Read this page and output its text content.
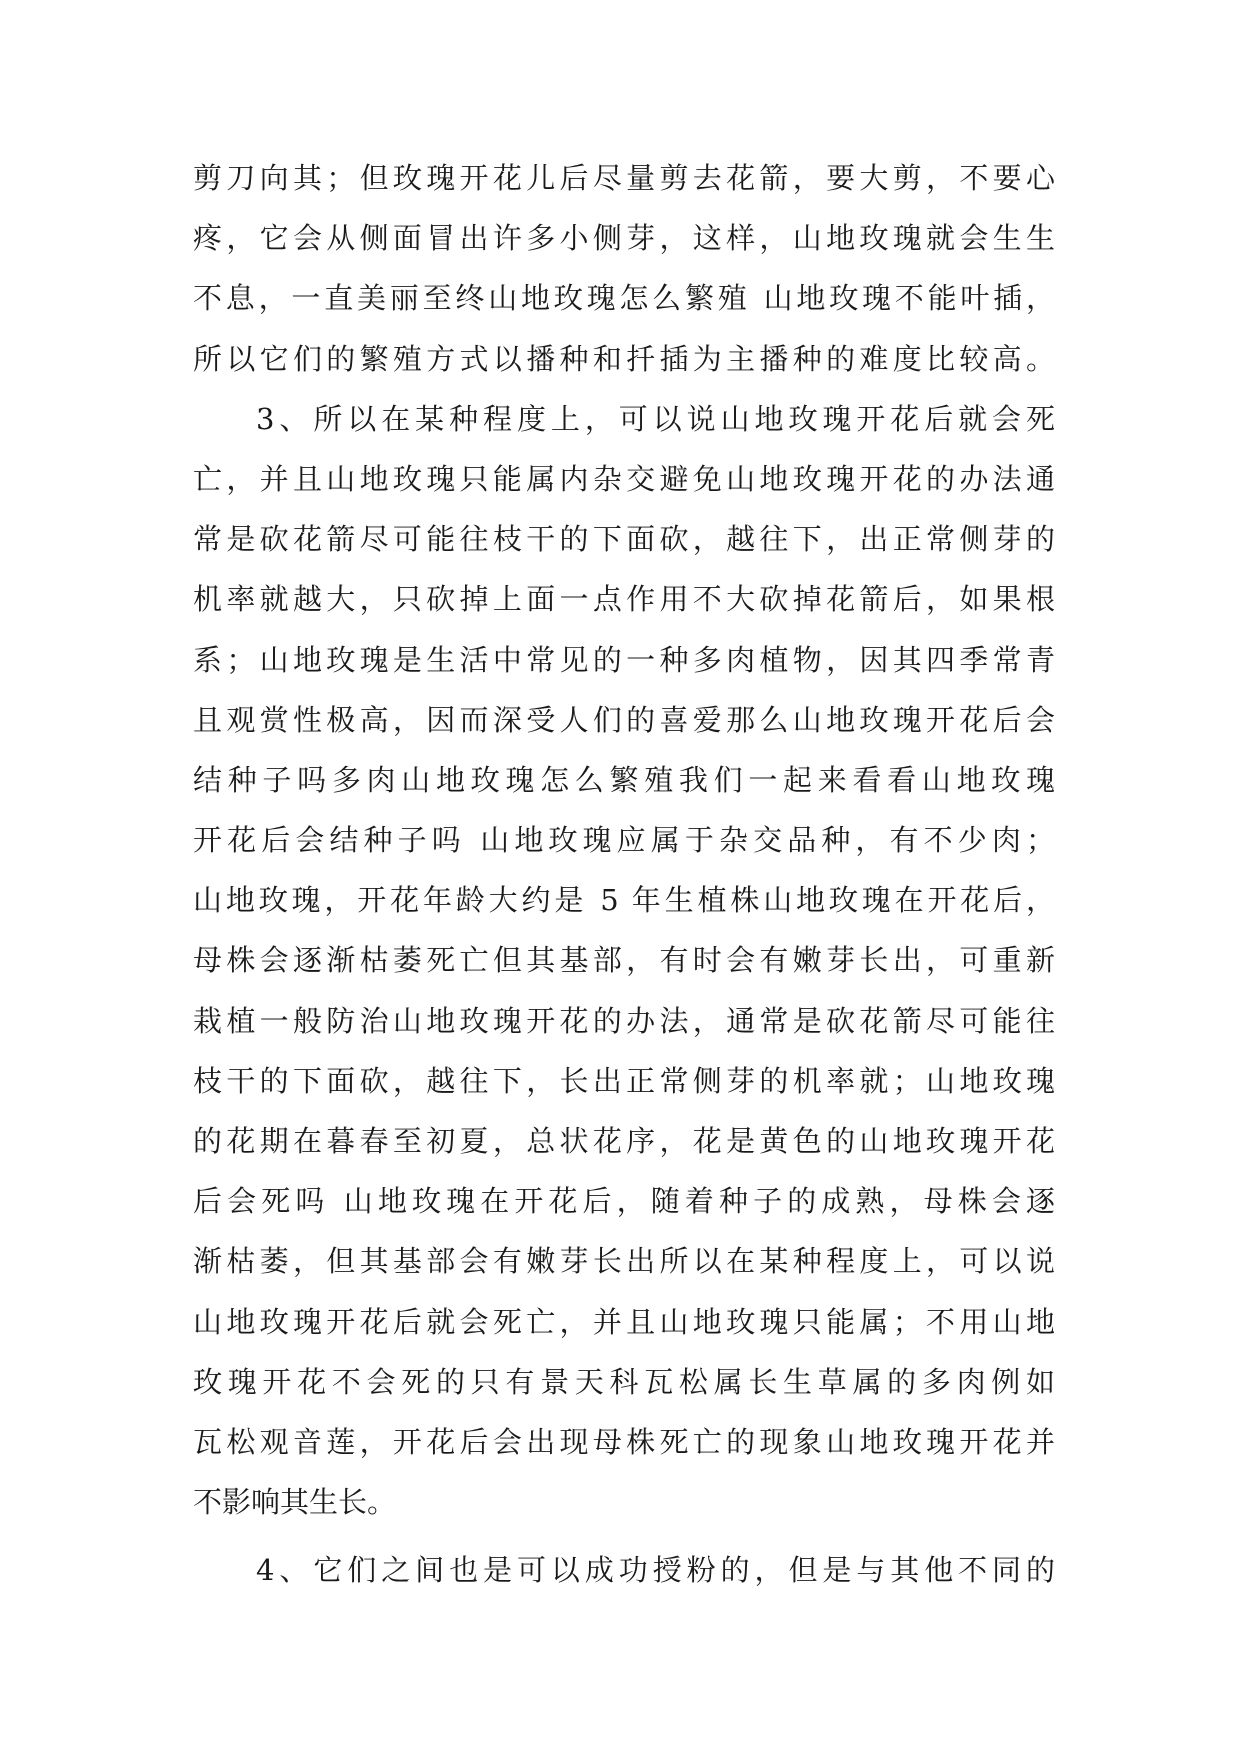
剪刀向其；但玫瑰开花儿后尽量剪去花箭，要大剪，不要心
疼，它会从侧面冒出许多小侧芽，这样，山地玫瑰就会生生
不息，一直美丽至终山地玫瑰怎么繁殖 山地玫瑰不能叶插，
所以它们的繁殖方式以播种和扦插为主播种的难度比较高。
3、所以在某种程度上，可以说山地玫瑰开花后就会死
亡，并且山地玫瑰只能属内杂交避免山地玫瑰开花的办法通
常是砍花箭尽可能往枝干的下面砍，越往下，出正常侧芽的
机率就越大，只砍掉上面一点作用不大砍掉花箭后，如果根
系；山地玫瑰是生活中常见的一种多肉植物，因其四季常青
且观赏性极高，因而深受人们的喜爱那么山地玫瑰开花后会
结种子吗多肉山地玫瑰怎么繁殖我们一起来看看山地玫瑰
开花后会结种子吗 山地玫瑰应属于杂交品种，有不少肉；
山地玫瑰，开花年龄大约是 5 年生植株山地玫瑰在开花后，
母株会逐渐枯萎死亡但其基部，有时会有嫩芽长出，可重新
栽植一般防治山地玫瑰开花的办法，通常是砍花箭尽可能往
枝干的下面砍，越往下，长出正常侧芽的机率就；山地玫瑰
的花期在暮春至初夏，总状花序，花是黄色的山地玫瑰开花
后会死吗 山地玫瑰在开花后，随着种子的成熟，母株会逐
渐枯萎，但其基部会有嫩芽长出所以在某种程度上，可以说
山地玫瑰开花后就会死亡，并且山地玫瑰只能属；不用山地
玫瑰开花不会死的只有景天科瓦松属长生草属的多肉例如
瓦松观音莲，开花后会出现母株死亡的现象山地玫瑰开花并
不影响其生长。
4、它们之间也是可以成功授粉的，但是与其他不同的
